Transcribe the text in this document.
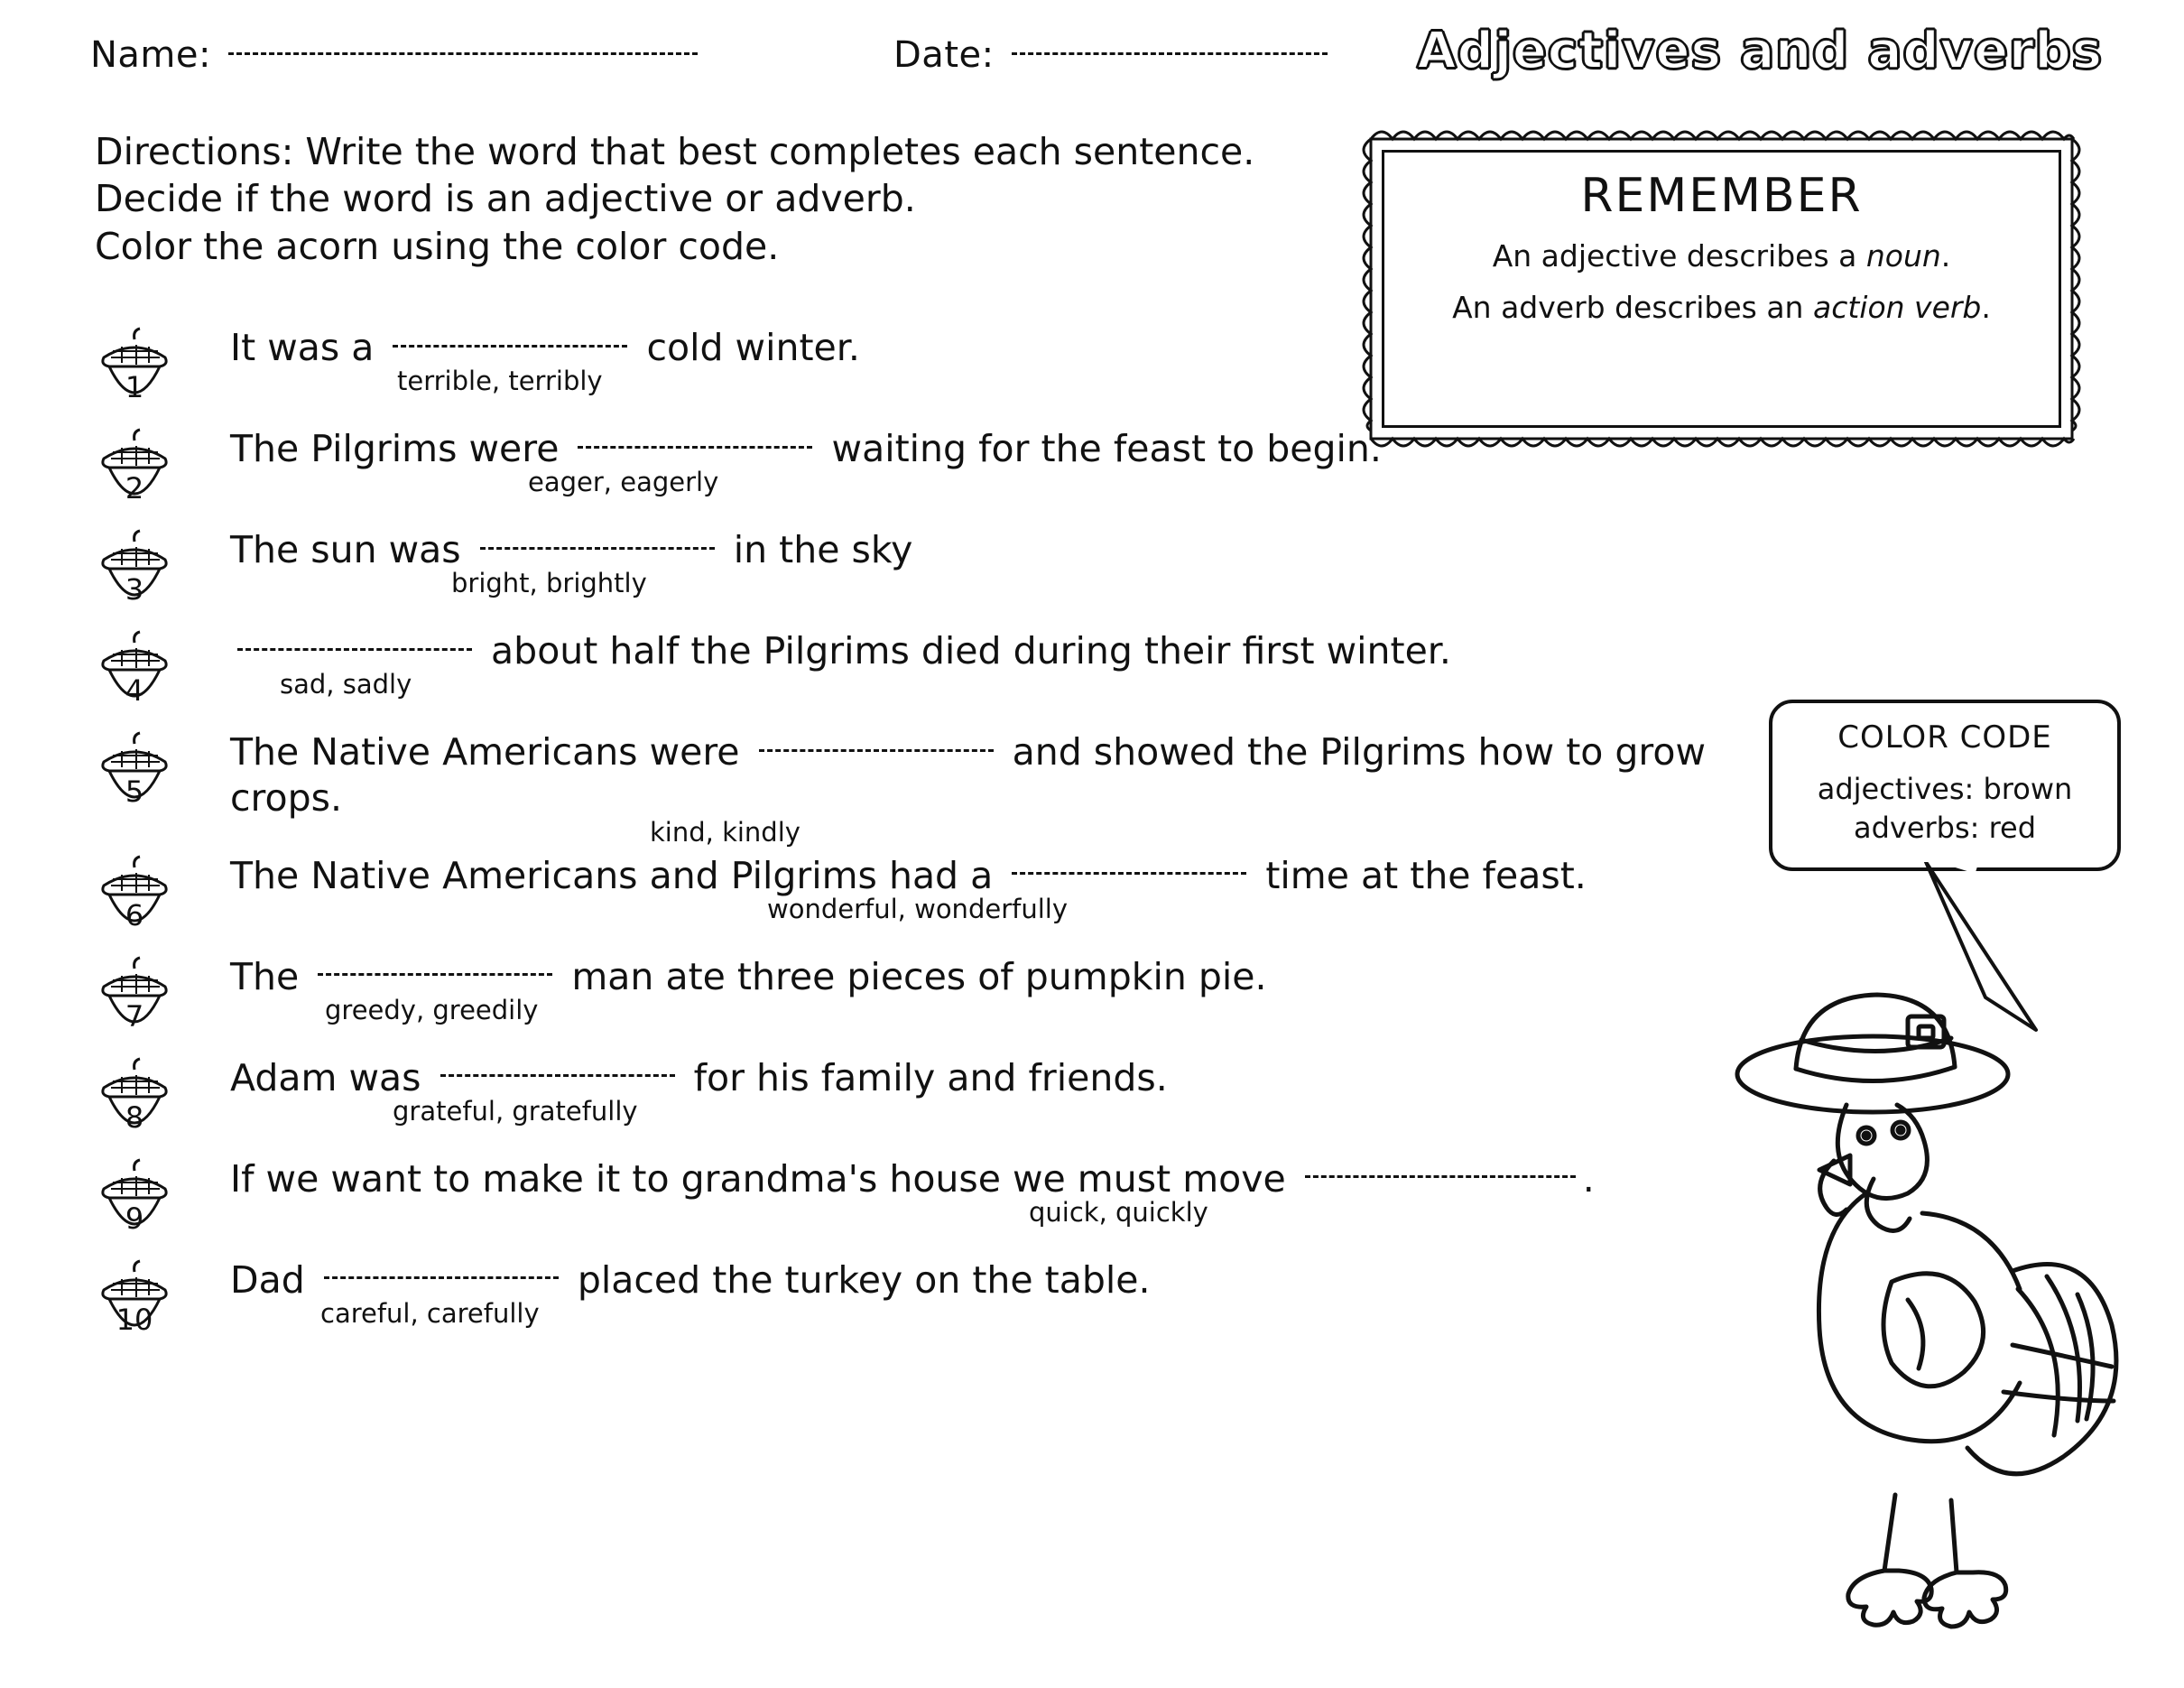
Name:	Date:	Adjectives and adverbs
Directions: Write the word that best completes each sentence.
Decide if the word is an adjective or adverb.
Color the acorn using the color code.
REMEMBER
An adjective describes a noun.
An adverb describes an action verb.
1
It was a	cold winter.
terrible, terribly
2
The Pilgrims were	waiting for the feast to begin.
eager, eagerly
3
The sun was	in the sky
bright, brightly
4
about half the Pilgrims died during their first winter.
sad, sadly
5
The Native Americans were	and showed the Pilgrims how to grow crops.
kind, kindly
6
The Native Americans and Pilgrims had a	time at the feast.
wonderful, wonderfully
7
The	man ate three pieces of pumpkin pie.
greedy, greedily
8
Adam was	for his family and friends.
grateful, gratefully
9
If we want to make it to grandma's house we must move	.
quick, quickly
10
Dad	placed the turkey on the table.
careful, carefully
COLOR CODE
adjectives: brown
adverbs: red
